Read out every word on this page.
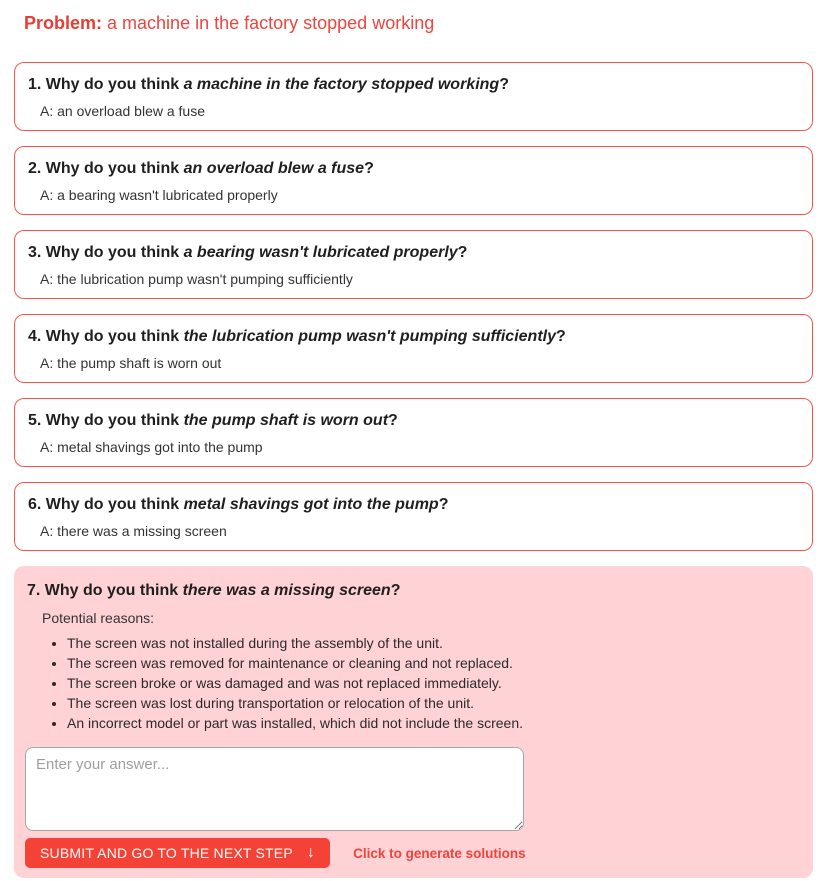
Problem: a machine in the factory stopped working
1. Why do you think a machine in the factory stopped working?
A: an overload blew a fuse
2. Why do you think an overload blew a fuse?
A: a bearing wasn't lubricated properly
3. Why do you think a bearing wasn't lubricated properly?
A: the lubrication pump wasn't pumping sufficiently
4. Why do you think the lubrication pump wasn't pumping sufficiently?
A: the pump shaft is worn out
5. Why do you think the pump shaft is worn out?
A: metal shavings got into the pump
6. Why do you think metal shavings got into the pump?
A: there was a missing screen
7. Why do you think there was a missing screen?
Potential reasons:
• The screen was not installed during the assembly of the unit.
• The screen was removed for maintenance or cleaning and not replaced.
• The screen broke or was damaged and was not replaced immediately.
• The screen was lost during transportation or relocation of the unit.
• An incorrect model or part was installed, which did not include the screen.
Enter your answer...
SUBMIT AND GO TO THE NEXT STEP ↓	Click to generate solutions
